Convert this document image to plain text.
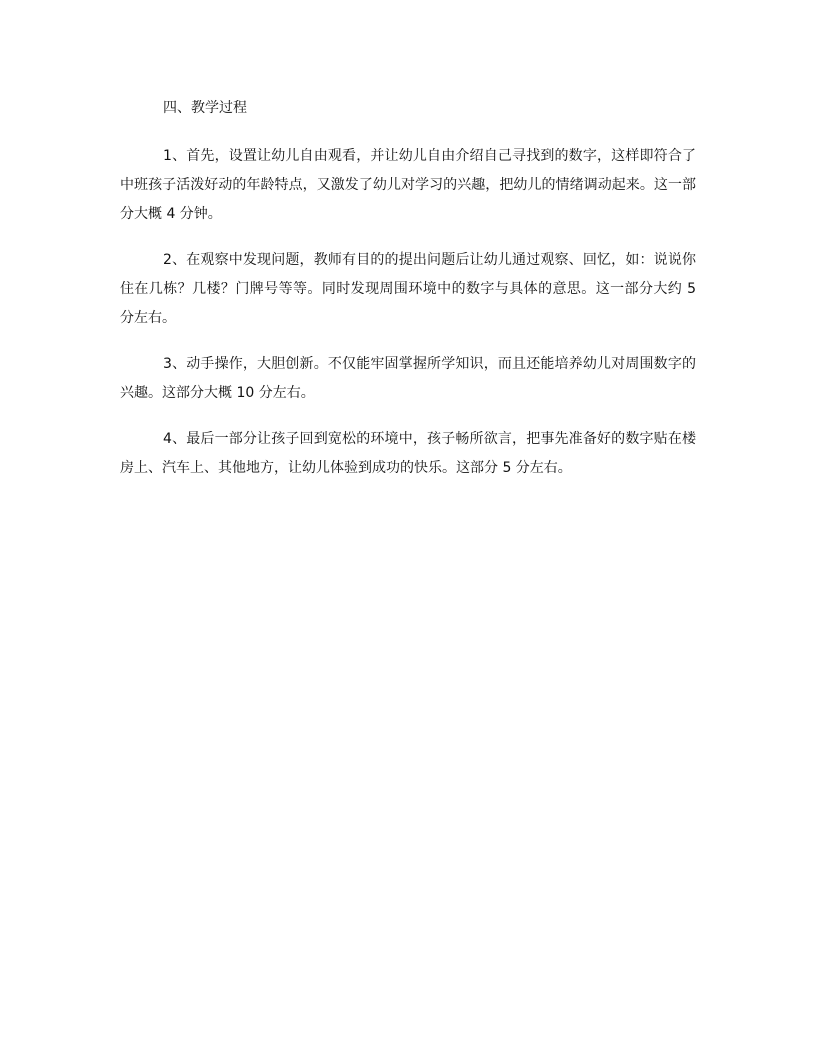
四、教学过程

1、首先，设置让幼儿自由观看，并让幼儿自由介绍自己寻找到的数字，这样即符合了中班孩子活泼好动的年龄特点，又激发了幼儿对学习的兴趣，把幼儿的情绪调动起来。这一部分大概 4 分钟。

2、在观察中发现问题，教师有目的的提出问题后让幼儿通过观察、回忆，如：说说你住在几栋？几楼？门牌号等等。同时发现周围环境中的数字与具体的意思。这一部分大约 5 分左右。

3、动手操作，大胆创新。不仅能牢固掌握所学知识，而且还能培养幼儿对周围数字的兴趣。这部分大概 10 分左右。

4、最后一部分让孩子回到宽松的环境中，孩子畅所欲言，把事先准备好的数字贴在楼房上、汽车上、其他地方，让幼儿体验到成功的快乐。这部分 5 分左右。
